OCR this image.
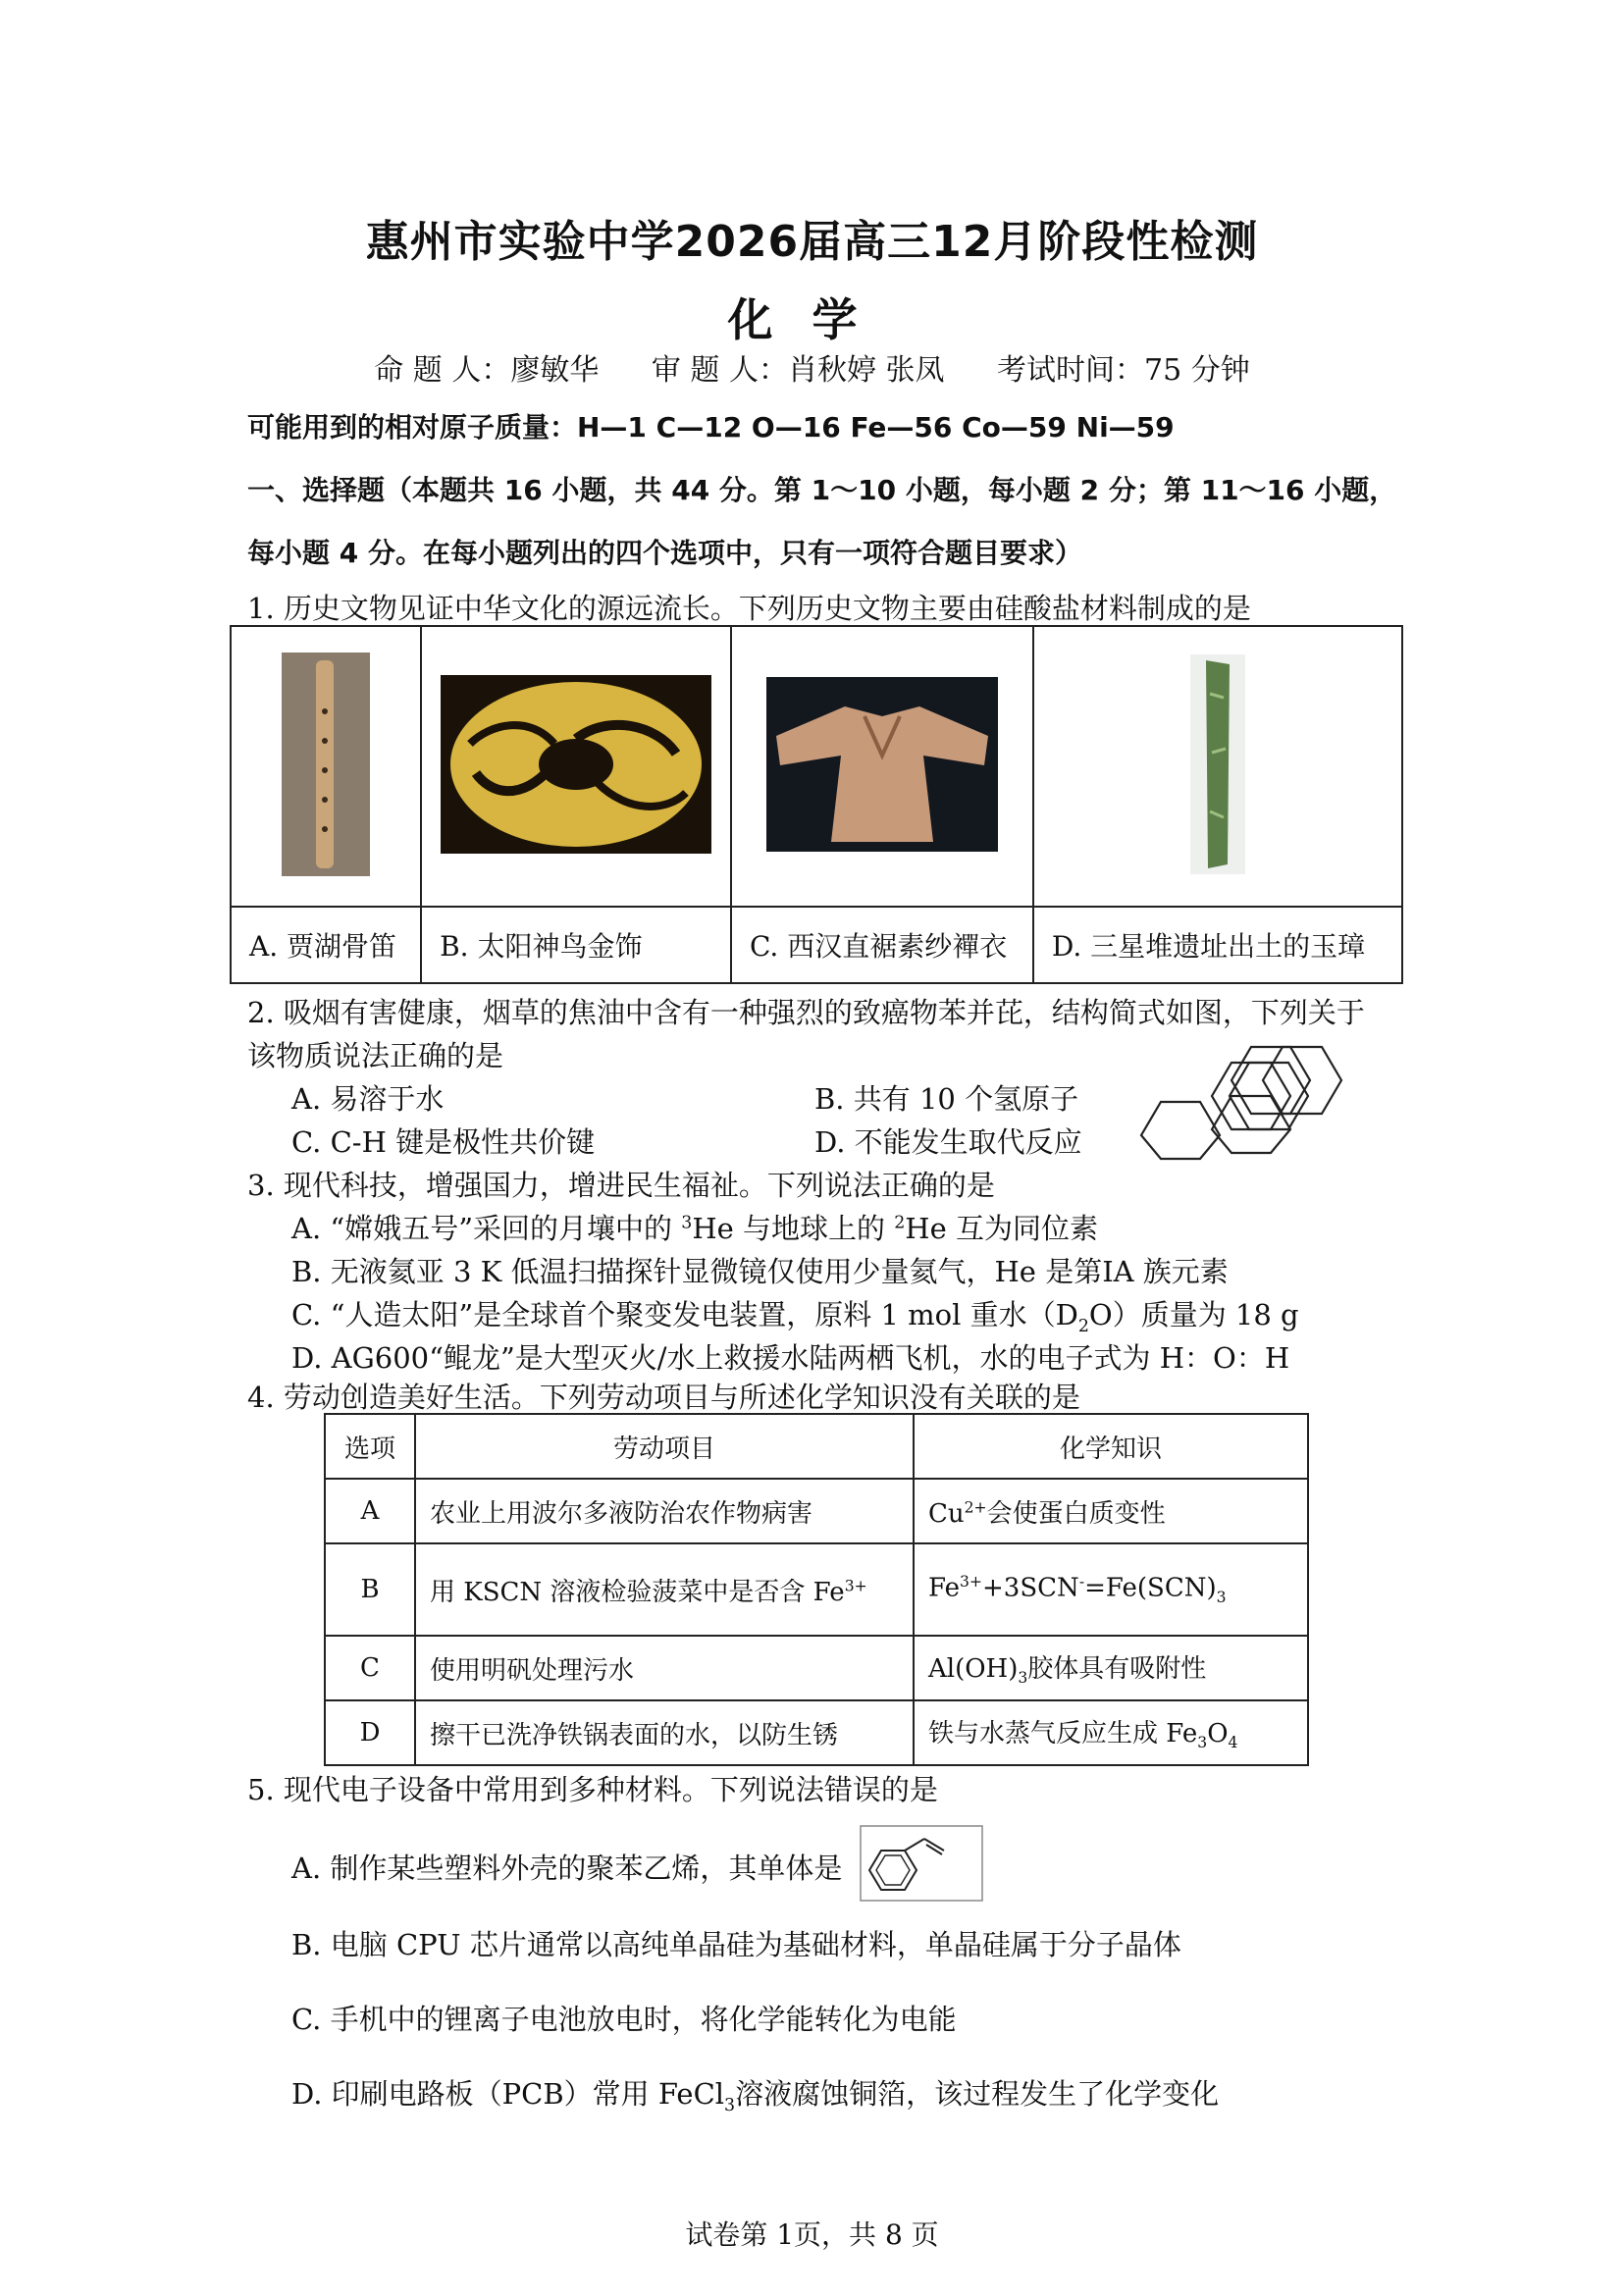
惠州市实验中学2026届高三12月阶段性检测
化学
命 题 人：廖敏华 审 题 人：肖秋婷 张凤 考试时间：75 分钟
可能用到的相对原子质量：H—1 C—12 O—16 Fe—56 Co—59 Ni—59
一、选择题（本题共 16 小题，共 44 分。第 1～10 小题，每小题 2 分；第 11～16 小题，
每小题 4 分。在每小题列出的四个选项中，只有一项符合题目要求）
1. 历史文物见证中华文化的源远流长。下列历史文物主要由硅酸盐材料制成的是

A. 贾湖骨笛	B. 太阳神鸟金饰	C. 西汉直裾素纱襌衣	D. 三星堆遗址出土的玉璋
2. 吸烟有害健康，烟草的焦油中含有一种强烈的致癌物苯并芘，结构简式如图，下列关于
该物质说法正确的是
A. 易溶于水	B. 共有 10 个氢原子
C. C-H 键是极性共价键	D. 不能发生取代反应
3. 现代科技，增强国力，增进民生福祉。下列说法正确的是
A. “嫦娥五号”采回的月壤中的 $^3$He 与地球上的 $^2$He 互为同位素
B. 无液氦亚 3 K 低温扫描探针显微镜仅使用少量氦气，He 是第ⅠA 族元素
C. “人造太阳”是全球首个聚变发电装置，原料 1 mol 重水$(D_2O)$质量为 18 g
D. AG600“鲲龙”是大型灭火/水上救援水陆两栖飞机，水的电子式为 H：O：H
4. 劳动创造美好生活。下列劳动项目与所述化学知识没有关联的是
选项	劳动项目	化学知识
A	农业上用波尔多液防治农作物病害	$Cu^{2+}$会使蛋白质变性
B	用 KSCN 溶液检验菠菜中是否含 $Fe^{3+}$	$Fe^{3+}+3SCN^-=Fe(SCN)_3$
C	使用明矾处理污水	$Al(OH)_3$胶体具有吸附性
D	擦干已洗净铁锅表面的水，以防生锈	铁与水蒸气反应生成 $Fe_3O_4$
5. 现代电子设备中常用到多种材料。下列说法错误的是
A. 制作某些塑料外壳的聚苯乙烯，其单体是
B. 电脑 CPU 芯片通常以高纯单晶硅为基础材料，单晶硅属于分子晶体
C. 手机中的锂离子电池放电时，将化学能转化为电能
D. 印刷电路板（PCB）常用 FeCl$_3$溶液腐蚀铜箔，该过程发生了化学变化
试卷第 1页，共 8 页
